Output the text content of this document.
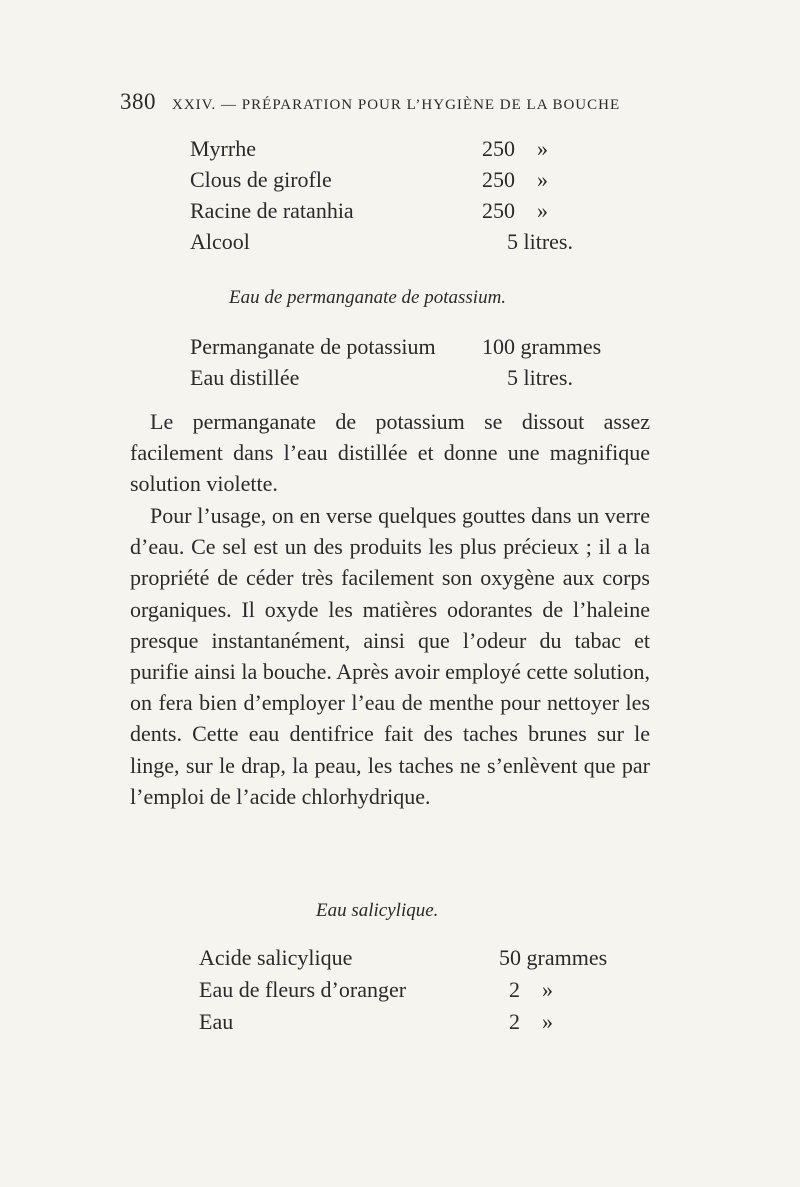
380 XXIV. — PRÉPARATION POUR L’HYGIÈNE DE LA BOUCHE
Myrrhe	250    »
Clous de girofle	250    »
Racine de ratanhia	250    »
Alcool	5 litres.
Eau de permanganate de potassium.
Permanganate de potassium 100 grammes
Eau distillée	5 litres.
Le permanganate de potassium se dissout assez facilement dans l’eau distillée et donne une magnifique solution violette.
Pour l’usage, on en verse quelques gouttes dans un verre d’eau. Ce sel est un des produits les plus précieux ; il a la propriété de céder très facilement son oxygène aux corps organiques. Il oxyde les matières odorantes de l’haleine presque instantanément, ainsi que l’odeur du tabac et purifie ainsi la bouche. Après avoir employé cette solution, on fera bien d’employer l’eau de menthe pour nettoyer les dents. Cette eau dentifrice fait des taches brunes sur le linge, sur le drap, la peau, les taches ne s’enlèvent que par l’emploi de l’acide chlorhydrique.
Eau salicylique.
Acide salicylique	50 grammes
Eau de fleurs d’oranger	2    »
Eau	2    »
